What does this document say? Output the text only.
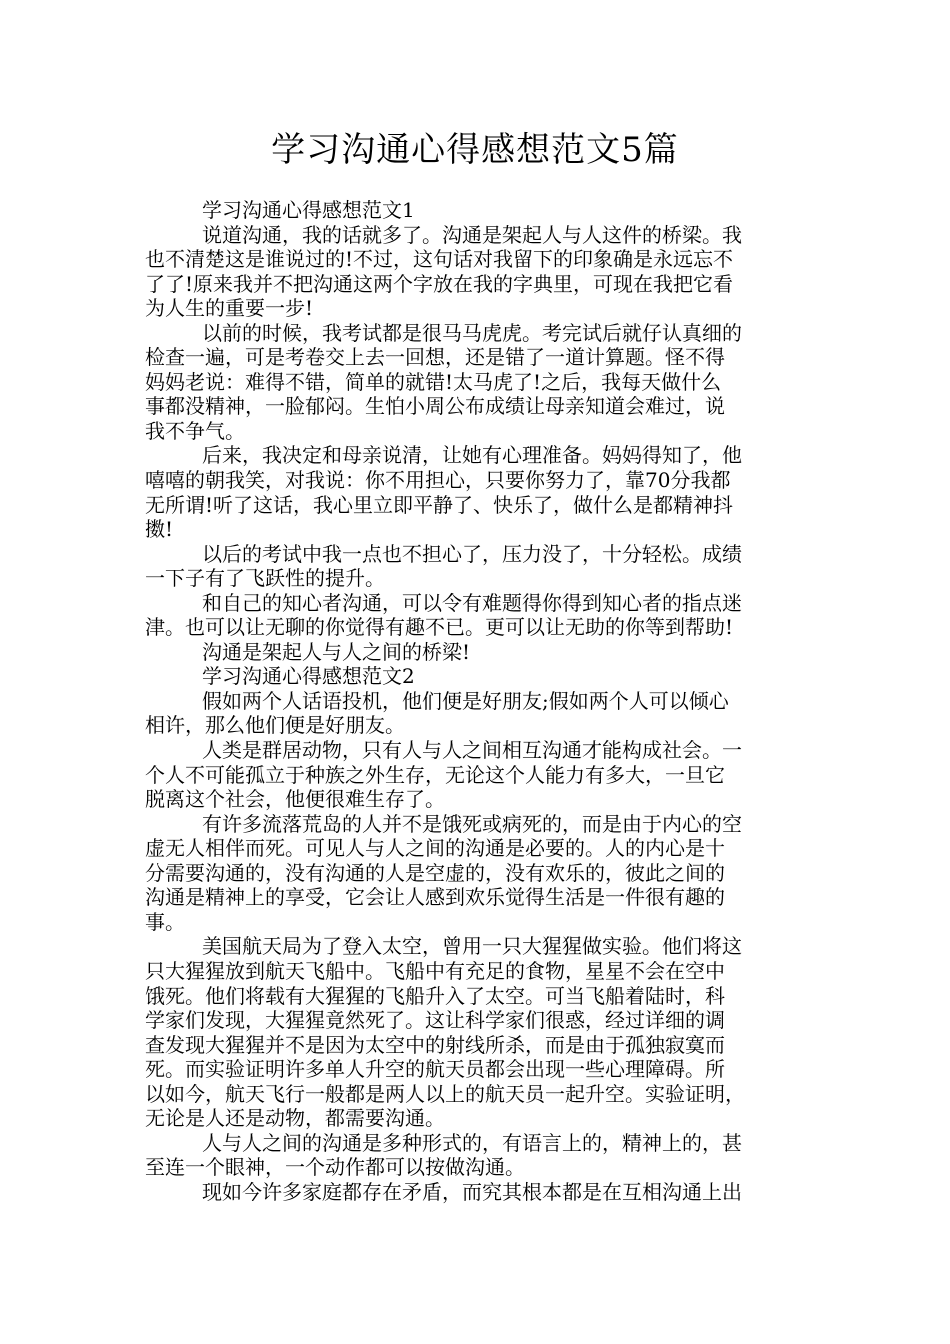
学习沟通心得感想范文5篇
学习沟通心得感想范文1
说道沟通，我的话就多了。沟通是架起人与人这件的桥梁。我
也不清楚这是谁说过的!不过，这句话对我留下的印象确是永远忘不
了了!原来我并不把沟通这两个字放在我的字典里，可现在我把它看
为人生的重要一步!
以前的时候，我考试都是很马马虎虎。考完试后就仔认真细的
检查一遍，可是考卷交上去一回想，还是错了一道计算题。怪不得
妈妈老说：难得不错，简单的就错!太马虎了!之后，我每天做什么
事都没精神，一脸郁闷。生怕小周公布成绩让母亲知道会难过，说
我不争气。
后来，我决定和母亲说清，让她有心理准备。妈妈得知了，他
嘻嘻的朝我笑，对我说：你不用担心，只要你努力了，靠70分我都
无所谓!听了这话，我心里立即平静了、快乐了，做什么是都精神抖
擞!
以后的考试中我一点也不担心了，压力没了，十分轻松。成绩
一下子有了飞跃性的提升。
和自己的知心者沟通，可以令有难题得你得到知心者的指点迷
津。也可以让无聊的你觉得有趣不已。更可以让无助的你等到帮助!
沟通是架起人与人之间的桥梁!
学习沟通心得感想范文2
假如两个人话语投机，他们便是好朋友;假如两个人可以倾心
相许，那么他们便是好朋友。
人类是群居动物，只有人与人之间相互沟通才能构成社会。一
个人不可能孤立于种族之外生存，无论这个人能力有多大，一旦它
脱离这个社会，他便很难生存了。
有许多流落荒岛的人并不是饿死或病死的，而是由于内心的空
虚无人相伴而死。可见人与人之间的沟通是必要的。人的内心是十
分需要沟通的，没有沟通的人是空虚的，没有欢乐的，彼此之间的
沟通是精神上的享受，它会让人感到欢乐觉得生活是一件很有趣的
事。
美国航天局为了登入太空，曾用一只大猩猩做实验。他们将这
只大猩猩放到航天飞船中。飞船中有充足的食物，星星不会在空中
饿死。他们将载有大猩猩的飞船升入了太空。可当飞船着陆时，科
学家们发现，大猩猩竟然死了。这让科学家们很惑，经过详细的调
查发现大猩猩并不是因为太空中的射线所杀，而是由于孤独寂寞而
死。而实验证明许多单人升空的航天员都会出现一些心理障碍。所
以如今，航天飞行一般都是两人以上的航天员一起升空。实验证明，
无论是人还是动物，都需要沟通。
人与人之间的沟通是多种形式的，有语言上的，精神上的，甚
至连一个眼神，一个动作都可以按做沟通。
现如今许多家庭都存在矛盾，而究其根本都是在互相沟通上出
